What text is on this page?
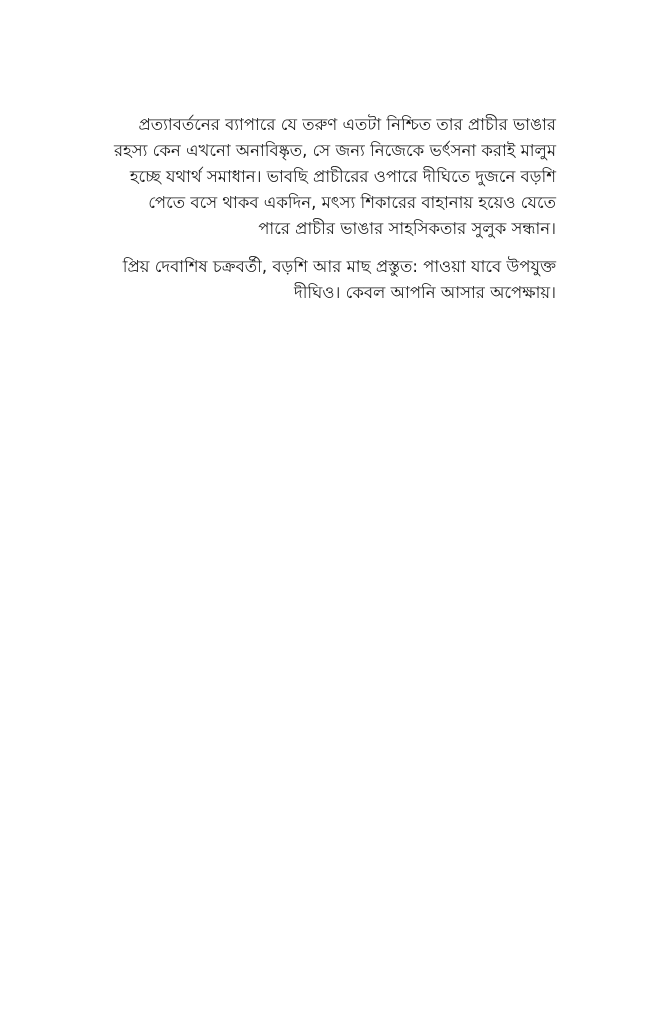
প্রত্যাবর্তনের ব্যাপারে যে তরুণ এতটা নিশ্চিত তার প্রাচীর ভাঙার
রহস্য কেন এখনো অনাবিষ্কৃত, সে জন্য নিজেকে ভর্ৎসনা করাই মালুম
হচ্ছে যথার্থ সমাধান। ভাবছি প্রাচীরের ওপারে দীঘিতে দুজনে বড়শি
পেতে বসে থাকব একদিন, মৎস্য শিকারের বাহানায় হয়েও যেতে
পারে প্রাচীর ভাঙার সাহসিকতার সুলুক সন্ধান।

প্রিয় দেবাশিষ চক্রবর্তী, বড়শি আর মাছ প্রস্তুত: পাওয়া যাবে উপযুক্ত
দীঘিও। কেবল আপনি আসার অপেক্ষায়।
